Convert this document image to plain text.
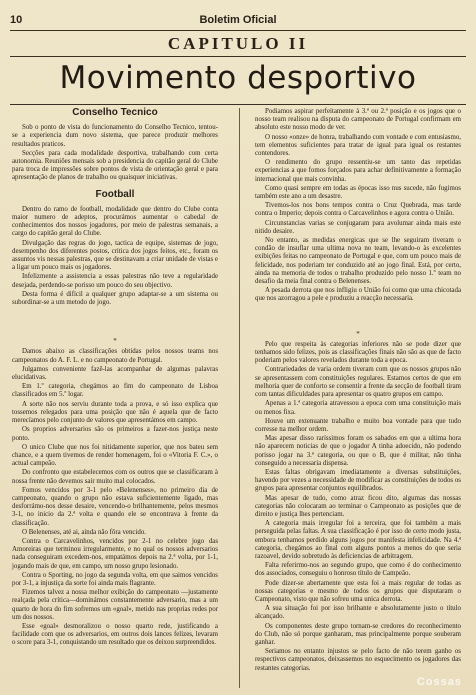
10	Boletim Oficial
CAPITULO II
Movimento desportivo
Conselho Tecnico

Sob o ponto de vista do funcionamento do Conselho Tecnico, tentou-se a experiencia dum novo sistema, que parece produzir melhores resultados praticos.

Secções para cada modalidade desportiva, trabalhando com certa autonomia. Reuniões mensais sob a presidencia do capitão geral do Clube para troca de impressões sobre pontos de vista de orientação geral e para apresentação de planos de trabalho ou quaisquer iniciativas.

Football

Dentro do ramo de football, modalidade que dentro do Clube conta maior numero de adeptos, procurámos aumentar o cabedal de conhecimentos dos nossos jogadores, por meio de palestras semanais, a cargo do capitão geral do Clube.

Divulgação das regras do jogo, tactica de equipe, sistemas de jogo, desempenho dos diferentes postos, critica dos jogos feitos, etc., foram os assuntos vis nessas palestras, que se destinavam a criar unidade de vistas e a ligar um pouco mais os jogadores.

Infelizmente a assistencia a essas palestras não teve a regularidade desejada, perdendo-se porisso um pouco do seu objectivo.

Desta forma é difícil a qualquer grupo adaptar-se a um sistema ou subordinar-se a um metodo de jogo.

*

Damos abaixo as classificações obtidas pelos nossos teams nos campeonatos do A. F. L. e no campeonato de Portugal.

Julgamos conveniente fazê-las acompanhar de algumas palavras elucidativas.

Em 1.º categoria, chegámos ao fim do campeonato de Lisboa classificados em 5.º logar.

A sorte não nos serviu durante toda a prova, e só isso explica que tossemos relegados para uma posição que não é aquela que de facto merecíamos pelo conjunto de valores que apresentámos em campo.

Os proprios adversarios são os primeiros a fazer-nos justiça neste ponto.

O unico Clube que nos foi nitidamente superior, que nos bateu sem chance, e a quem tivemos de render homenagem, foi o «Vitoria F. C.», o actual campeão.

Do confronto que estabelecemos com os outros que se classificaram à nossa frente não devemos sair muito mal colocados.

Fomos vencidos por 3-1 pelo «Belenenses», no primeiro dia de campeonato, quando o grupo não estava suficientemente ligado, mas desforrámo-nos desse desaire, vencendo-o brilhantemente, pelos mesmos 3-1, no inicio da 2.ª volta e quando ele se encontrava à frente da classificação.

O Belenenses, até ai, ainda não fôra vencido.

Contra o Carcavelinhos, vencidos por 2-1 no celebre jogo das Amoreiras que terminou irregularmente, e no qual os nossos adversarios nada conseguiram excedem-nos, empatámos depois na 2.ª volta, por 1-1, jogando mais de que, em campo, um nosso grupo lesionado.

Contra o Sporting, no jogo da segunda volta, em que saimos vencidos por 3-1, a injustiça da sorte foi ainda mais flagrante.

Fizemos talvez a nossa melhor exibição do campeonato —justamente realçada pela crítica—dominámos constantemente adversario, mas a um quarto de hora do fim sofremos um «goal», metido nas proprias redes por um dos nossos.

Esse «goal» desmoralizou o nosso quarto rede, justificando a facilidade com que os adversarios, em outros dois lances felizes, levaram o score para 3-1, conquistando um resultado que os deixou surpreendidos.

Podiamos aspirar perfeitamente à 3.ª ou 2.ª posição e os jogos que o nosso team realisou na disputa do campeonato de Portugal confirmam em absoluto este nosso modo de ver.

O nosso «onze» de honra, trabalhando com vontade e com entusiasmo, tem elementos suficientes para tratar de igual para igual os restantes contendores.

O rendimento do grupo ressentiu-se um tanto das repetidas experiencias a que fomos forçados para achar definitivamente a formação internacional que mais convinha.

Como quasi sempre em todas as épocas isso nus sucede, não fugimos também este ano a um desastre.

Tivemos-los nos bons tempos contra o Cruz Quebrada, mas tarde contra o Imperio; depois contra o Carcavelinhos e agora contra o União.

Circunstancias varias se conjugaram para avolumar ainda mais este nitido desaire.

No entanto, as medidas energicas que se lhe seguiram tiveram o condão de insuflar uma ultima nova no team, levando-o às excelentes exibições feitas no campeonato de Portugal e que, com um pouco mais de felicidade, nos poderiam ter conduzido até ao jogo final. Está, por certo, ainda na memoria de todos o trabalho produzido pelo nosso 1.º team no desafio da meia final contra o Belenenses.

A pesada derrota que nos infligiu o União foi como que uma chicotada que nos azorragou a pele e produziu a reacção necessaria.

*

Pelo que respeita às categorias inferiores não se pode dizer que tenhamos sido felizes, pois as classificações finais não são as que de facto poderiam pelos valores revelados durante toda a epoca.

Contrariedades de varia ordem tiveram com que os nossos grupos não se apresentassem com constituições regulares. Estamos certos de que em melhoria quer de conforto se consentir a frente da secção de football tiram com tantas dificuldades para apresentar os quatro grupos em campo.

Apenas a 1.ª categoria atravessou a epoca com uma constituição mais ou menos fixa.

Houve um extenuante trabalho e muito boa vontade para que tudo corresse na melhor ordem.

Mas apesar disso raríssimos foram os sabados em que a ultima hora não aparecem noticias de que o jogador A tinha adoecido, não podendo porisso jogar na 3.ª categoria, ou que o B, que é militar, não tinha conseguido a necessaria dispensa.

Estas faltas obrigavam imediatamente a diversas substituições, havendo por vezes a necessidade de modificar as constituições de todos os grupos para apresentar conjuntos equilibrados.

Mas apesar de tudo, como atraz ficou dito, algumas das nossas categorias não colocaram ao terminar o Campeonato as posições que de direito e justiça lhes pertenciam.

A categoria mais irregular foi a terceira, que foi também a mais perseguida pelas faltas. A sua classificação é por isso de certo modo justa, embora tenhamos perdido alguns jogos por manifesta infelicidade. Na 4.ª categoria, chegámos ao final com alguns pontos a menos do que seria razoavel, devido sobretudo às deficiencias de arbitragem.

Falta referirmo-nos ao segundo grupo, que como é do conhecimento dos associados, conseguiu o honroso título de Campeão.

Pode dizer-se abertamente que esta foi a mais regular de todas as nossas categorias e mesmo de todos os grupos que disputaram o Campeonato, visto que não sofreu uma unica derrota.

A sua situação foi por isso brilhante e absolutamente justo o título alcançado.

Os componentes deste grupo tornam-se credores do reconhecimento do Club, não só porque ganharam, mas principalmente porque souberam ganhar.

Seriamos no entanto injustos se pelo facto de não terem ganho os respectivos campeonatos, deixassemos no esquecimento os jogadores das restantes categorias.

Cossas
